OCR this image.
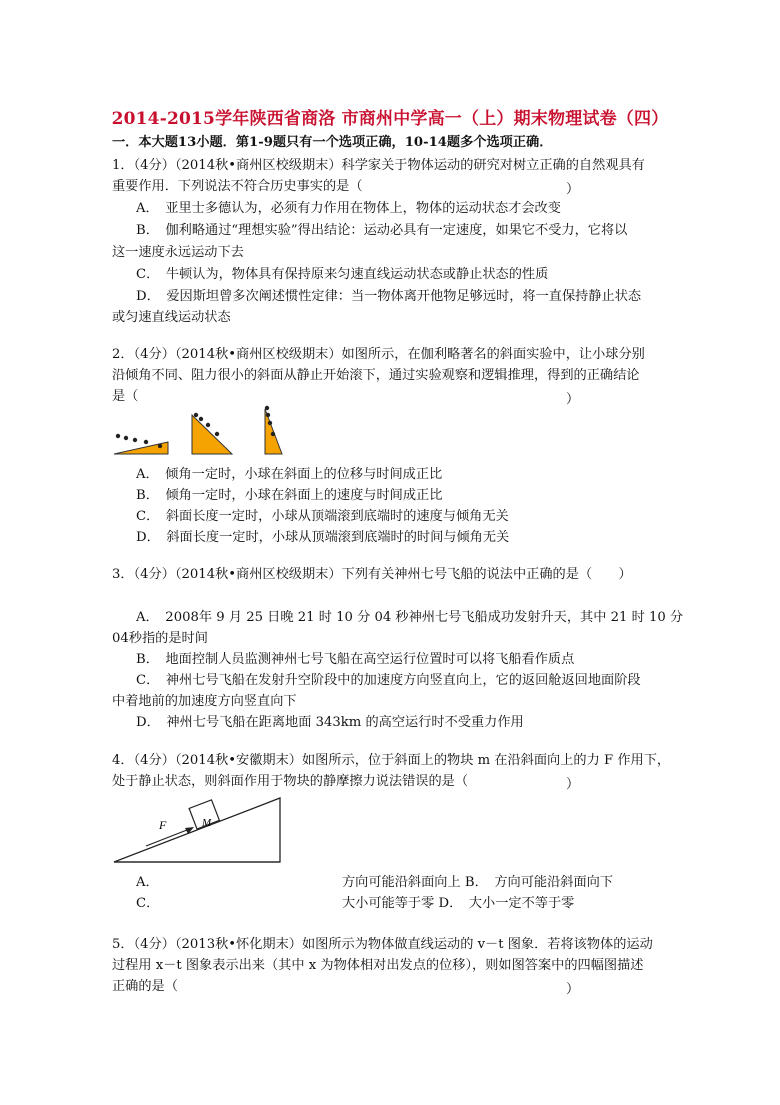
2014-2015学年陕西省商洛 市商州中学高一（上）期末物理试卷（四）
一．本大题13小题．第1-9题只有一个选项正确，10-14题多个选项正确．
1．（4分）（2014秋•商州区校级期末）科学家关于物体运动的研究对树立正确的自然观具有
重要作用．下列说法不符合历史事实的是（	）
A．　亚里士多德认为，必须有力作用在物体上，物体的运动状态才会改变
B．　伽利略通过“理想实验”得出结论：运动必具有一定速度，如果它不受力，它将以
这一速度永远运动下去
C．　牛顿认为，物体具有保持原来匀速直线运动状态或静止状态的性质
D．　爱因斯坦曾多次阐述惯性定律：当一物体离开他物足够远时，将一直保持静止状态
或匀速直线运动状态
2．（4分）（2014秋•商州区校级期末）如图所示，在伽利略著名的斜面实验中，让小球分别
沿倾角不同、阻力很小的斜面从静止开始滚下，通过实验观察和逻辑推理，得到的正确结论
是（	）
A．　倾角一定时，小球在斜面上的位移与时间成正比
B．　倾角一定时，小球在斜面上的速度与时间成正比
C．　斜面长度一定时，小球从顶端滚到底端时的速度与倾角无关
D．　斜面长度一定时，小球从顶端滚到底端时的时间与倾角无关
3．（4分）（2014秋•商州区校级期末）下列有关神州七号飞船的说法中正确的是（　　）
A．　2008年 9 月 25 日晚 21 时 10 分 04 秒神州七号飞船成功发射升天，其中 21 时 10 分
04秒指的是时间
B．　地面控制人员监测神州七号飞船在高空运行位置时可以将飞船看作质点
C．　神州七号飞船在发射升空阶段中的加速度方向竖直向上，它的返回舱返回地面阶段
中着地前的加速度方向竖直向下
D．　神州七号飞船在距离地面 343km 的高空运行时不受重力作用
4．（4分）（2014秋•安徽期末）如图所示，位于斜面上的物块 m 在沿斜面向上的力 F 作用下，
处于静止状态，则斜面作用于物块的静摩擦力说法错误的是（	）
F	M
A．	方向可能沿斜面向上 B．　方向可能沿斜面向下
C．	大小可能等于零 D．　大小一定不等于零
5．（4分）（2013秋•怀化期末）如图所示为物体做直线运动的 v－t 图象．若将该物体的运动
过程用 x－t 图象表示出来（其中 x 为物体相对出发点的位移），则如图答案中的四幅图描述
正确的是（	）
